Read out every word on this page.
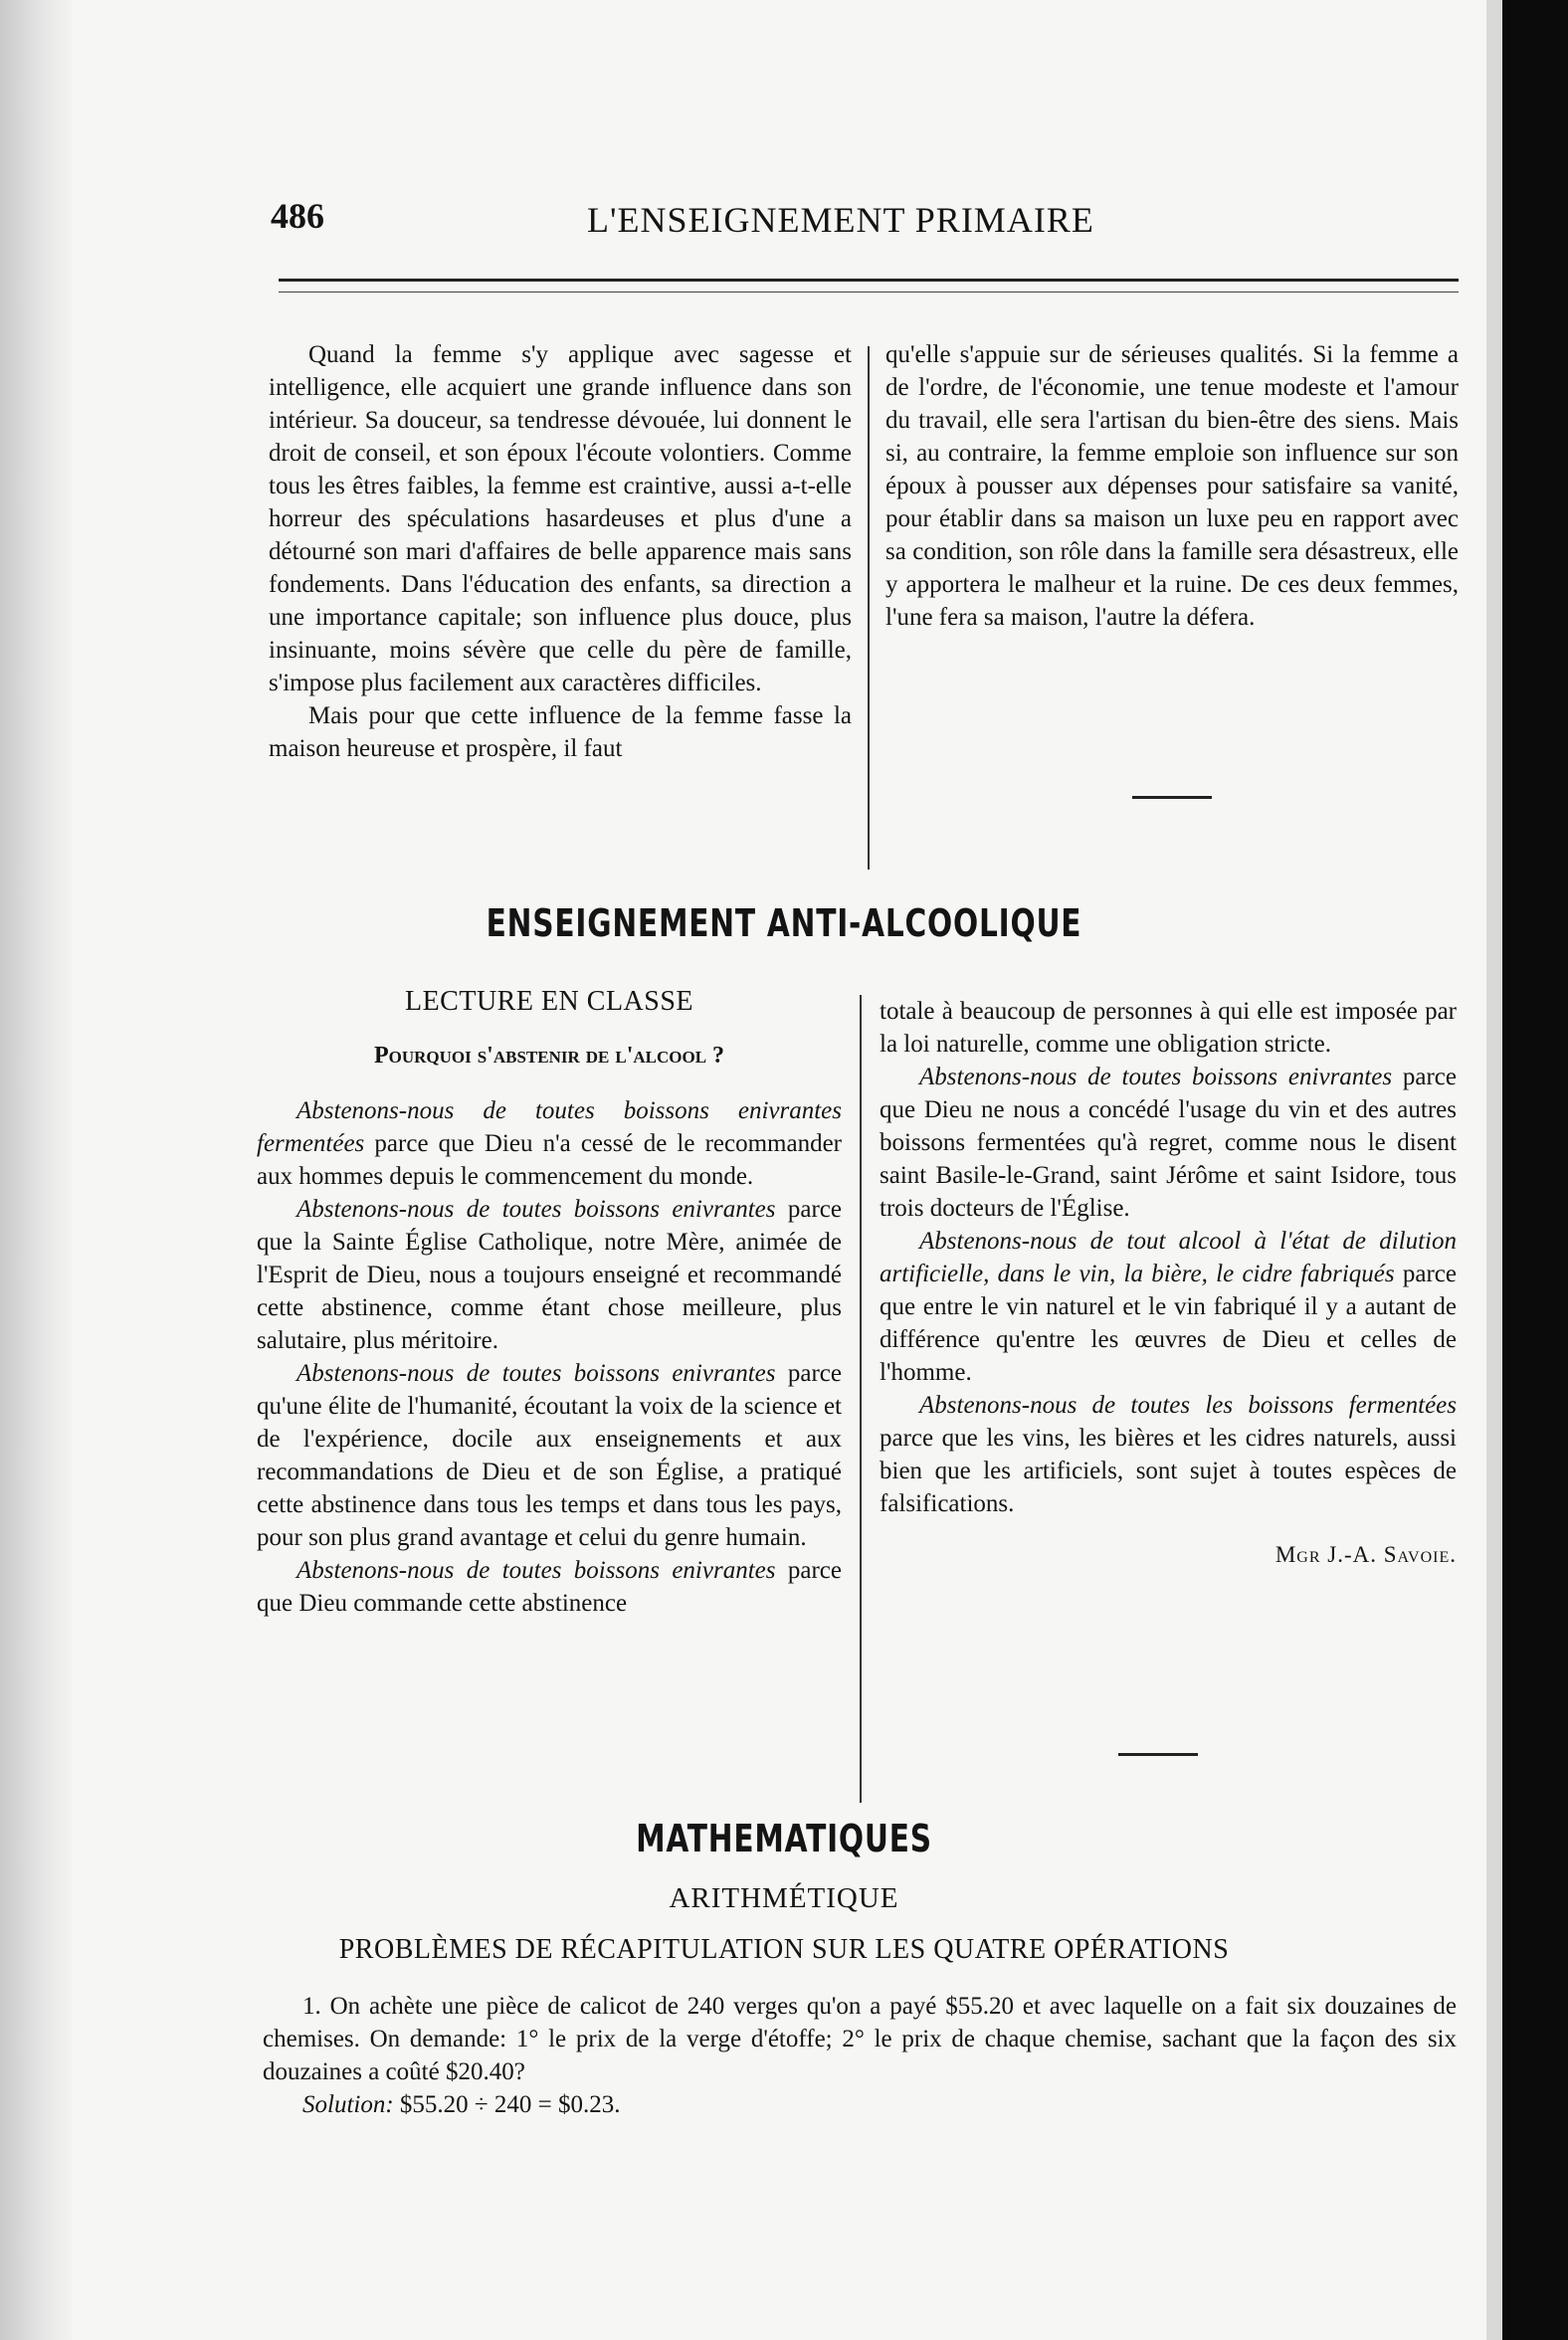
486	L'ENSEIGNEMENT PRIMAIRE

Quand la femme s'y applique avec sagesse et intelligence, elle acquiert une grande influence dans son intérieur. Sa douceur, sa tendresse dévouée, lui donnent le droit de conseil, et son époux l'écoute volontiers. Comme tous les êtres faibles, la femme est craintive, aussi a-t-elle horreur des spéculations hasardeuses et plus d'une a détourné son mari d'affaires de belle apparence mais sans fondements. Dans l'éducation des enfants, sa direction a une importance capitale; son influence plus douce, plus insinuante, moins sévère que celle du père de famille, s'impose plus facilement aux caractères difficiles.

Mais pour que cette influence de la femme fasse la maison heureuse et prospère, il faut

qu'elle s'appuie sur de sérieuses qualités. Si la femme a de l'ordre, de l'économie, une tenue modeste et l'amour du travail, elle sera l'artisan du bien-être des siens. Mais si, au contraire, la femme emploie son influence sur son époux à pousser aux dépenses pour satisfaire sa vanité, pour établir dans sa maison un luxe peu en rapport avec sa condition, son rôle dans la famille sera désastreux, elle y apportera le malheur et la ruine. De ces deux femmes, l'une fera sa maison, l'autre la défera.

ENSEIGNEMENT ANTI-ALCOOLIQUE

LECTURE EN CLASSE

Pourquoi s'abstenir de l'alcool ?

Abstenons-nous de toutes boissons enivrantes fermentées parce que Dieu n'a cessé de le recommander aux hommes depuis le commencement du monde.

Abstenons-nous de toutes boissons enivrantes parce que la Sainte Église Catholique, notre Mère, animée de l'Esprit de Dieu, nous a toujours enseigné et recommandé cette abstinence, comme étant chose meilleure, plus salutaire, plus méritoire.

Abstenons-nous de toutes boissons enivrantes parce qu'une élite de l'humanité, écoutant la voix de la science et de l'expérience, docile aux enseignements et aux recommandations de Dieu et de son Église, a pratiqué cette abstinence dans tous les temps et dans tous les pays, pour son plus grand avantage et celui du genre humain.

Abstenons-nous de toutes boissons enivrantes parce que Dieu commande cette abstinence

totale à beaucoup de personnes à qui elle est imposée par la loi naturelle, comme une obligation stricte.

Abstenons-nous de toutes boissons enivrantes parce que Dieu ne nous a concédé l'usage du vin et des autres boissons fermentées qu'à regret, comme nous le disent saint Basile-le-Grand, saint Jérôme et saint Isidore, tous trois docteurs de l'Église.

Abstenons-nous de tout alcool à l'état de dilution artificielle, dans le vin, la bière, le cidre fabriqués parce que entre le vin naturel et le vin fabriqué il y a autant de différence qu'entre les œuvres de Dieu et celles de l'homme.

Abstenons-nous de toutes les boissons fermentées parce que les vins, les bières et les cidres naturels, aussi bien que les artificiels, sont sujet à toutes espèces de falsifications.

Mgr J.-A. Savoie.

MATHEMATIQUES
ARITHMÉTIQUE
PROBLÈMES DE RÉCAPITULATION SUR LES QUATRE OPÉRATIONS

1. On achète une pièce de calicot de 240 verges qu'on a payé $55.20 et avec laquelle on a fait six douzaines de chemises. On demande: 1° le prix de la verge d'étoffe; 2° le prix de chaque chemise, sachant que la façon des six douzaines a coûté $20.40?

Solution: $55.20 ÷ 240 = $0.23.
